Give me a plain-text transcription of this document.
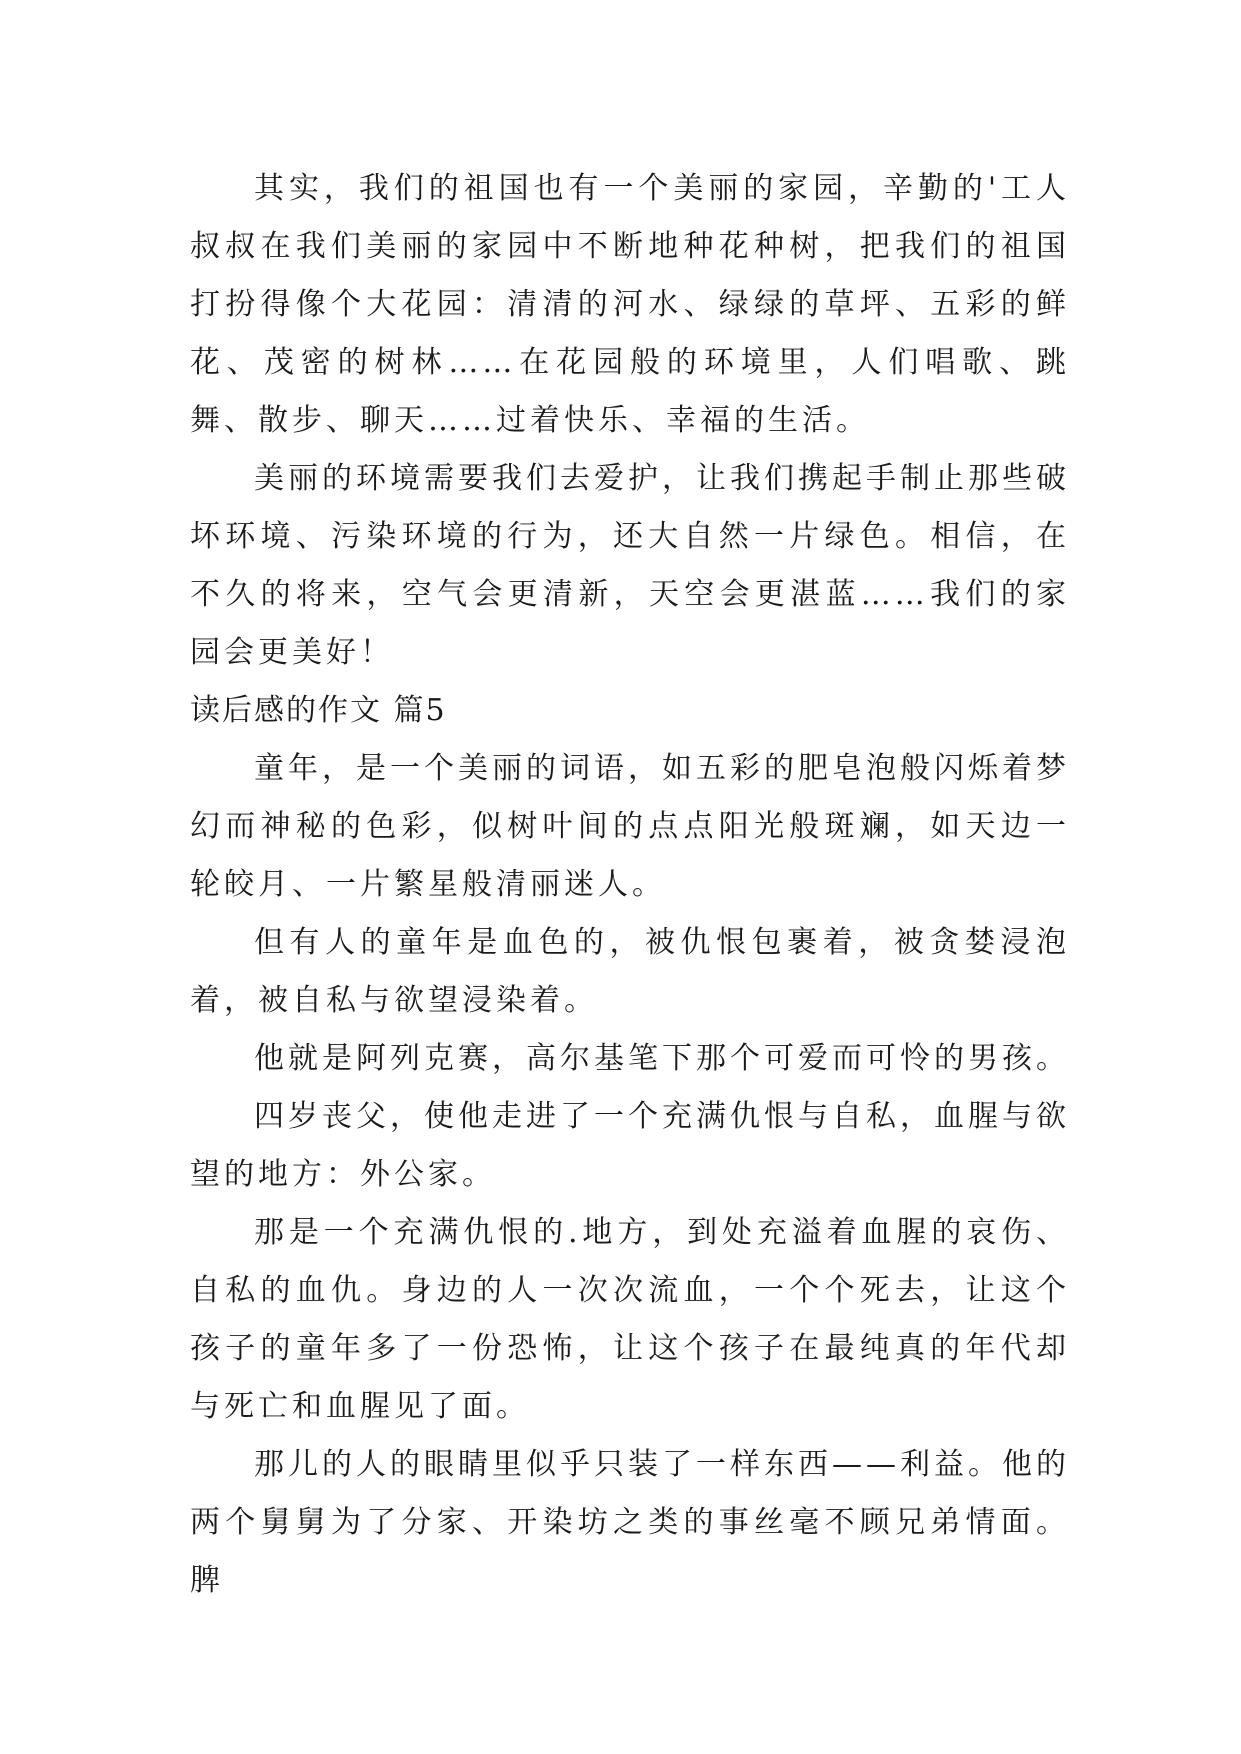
其实，我们的祖国也有一个美丽的家园，辛勤的'工人叔叔在我们美丽的家园中不断地种花种树，把我们的祖国打扮得像个大花园：清清的河水、绿绿的草坪、五彩的鲜花、茂密的树林……在花园般的环境里，人们唱歌、跳舞、散步、聊天……过着快乐、幸福的生活。

美丽的环境需要我们去爱护，让我们携起手制止那些破坏环境、污染环境的行为，还大自然一片绿色。相信，在不久的将来，空气会更清新，天空会更湛蓝……我们的家园会更美好！

读后感的作文 篇5

童年，是一个美丽的词语，如五彩的肥皂泡般闪烁着梦幻而神秘的色彩，似树叶间的点点阳光般斑斓，如天边一轮皎月、一片繁星般清丽迷人。

但有人的童年是血色的，被仇恨包裹着，被贪婪浸泡着，被自私与欲望浸染着。

他就是阿列克赛，高尔基笔下那个可爱而可怜的男孩。

四岁丧父，使他走进了一个充满仇恨与自私，血腥与欲望的地方：外公家。

那是一个充满仇恨的.地方，到处充溢着血腥的哀伤、自私的血仇。身边的人一次次流血，一个个死去，让这个孩子的童年多了一份恐怖，让这个孩子在最纯真的年代却与死亡和血腥见了面。

那儿的人的眼睛里似乎只装了一样东西——利益。他的两个舅舅为了分家、开染坊之类的事丝毫不顾兄弟情面。脾
